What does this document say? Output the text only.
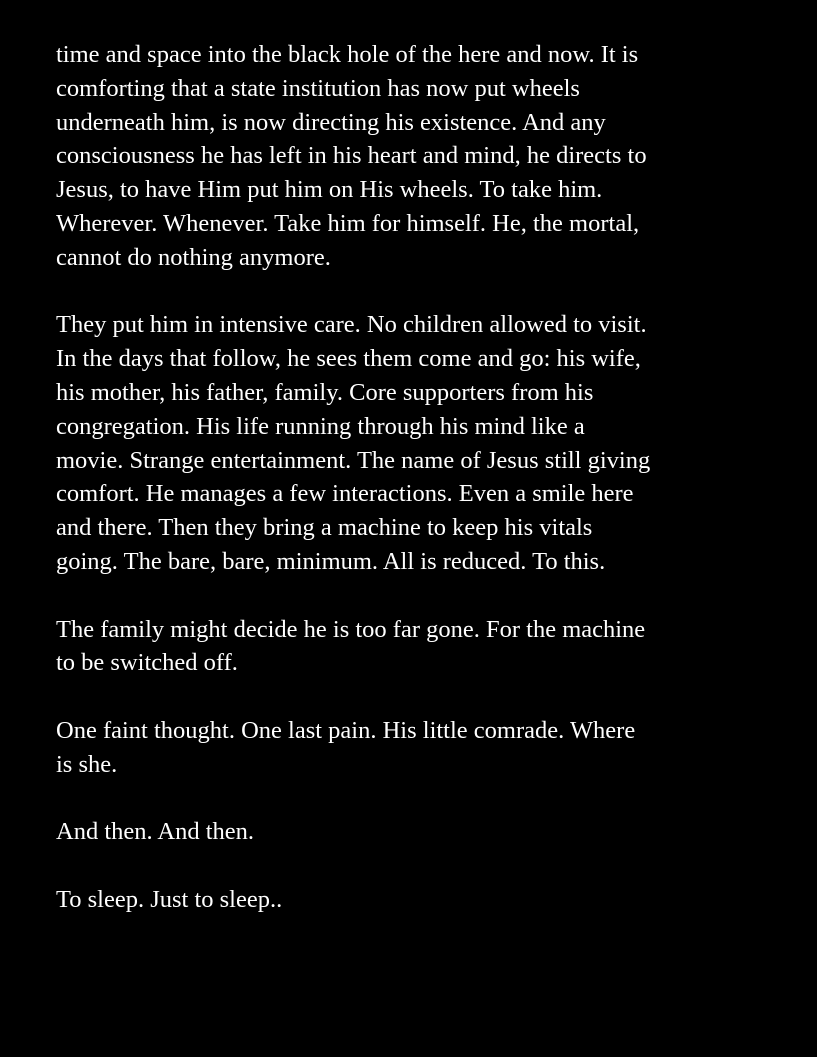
time and space into the black hole of the here and now. It is
comforting that a state institution has now put wheels
underneath him, is now directing his existence. And any
consciousness he has left in his heart and mind, he directs to
Jesus, to have Him put him on His wheels. To take him.
Wherever. Whenever. Take him for himself. He, the mortal,
cannot do nothing anymore.
They put him in intensive care. No children allowed to visit.
In the days that follow, he sees them come and go: his wife,
his mother, his father, family. Core supporters from his
congregation. His life running through his mind like a
movie. Strange entertainment. The name of Jesus still giving
comfort. He manages a few interactions. Even a smile here
and there. Then they bring a machine to keep his vitals
going. The bare, bare, minimum. All is reduced. To this.
The family might decide he is too far gone. For the machine
to be switched off.
One faint thought. One last pain. His little comrade. Where
is she.
And then. And then.
To sleep. Just to sleep..
